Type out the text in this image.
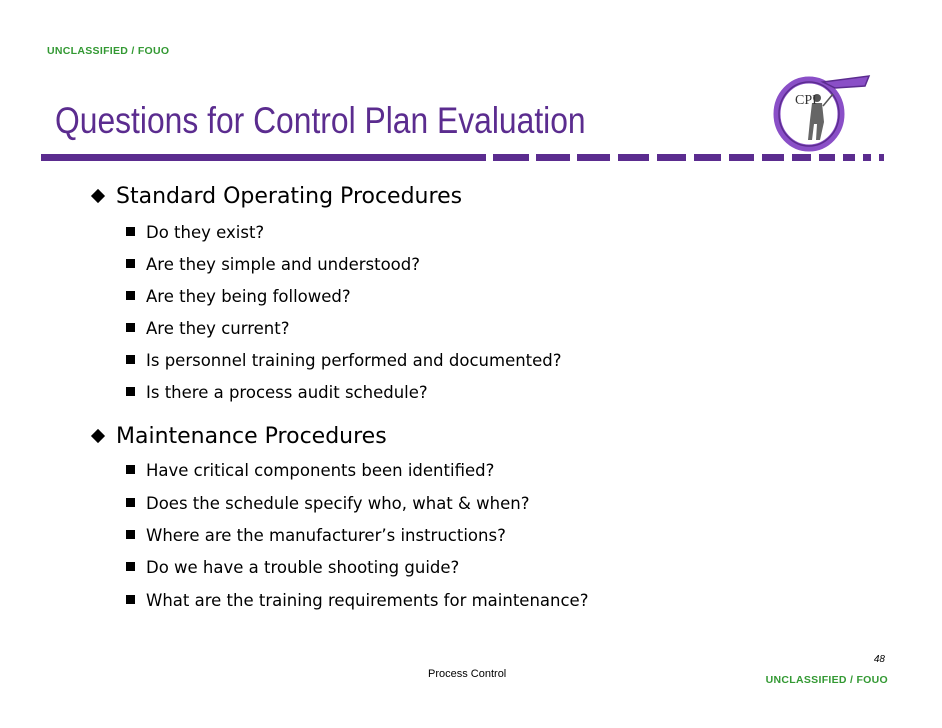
UNCLASSIFIED / FOUO
Questions for Control Plan Evaluation	CPI
Standard Operating Procedures
Do they exist?
Are they simple and understood?
Are they being followed?
Are they current?
Is personnel training performed and documented?
Is there a process audit schedule?
Maintenance Procedures
Have critical components been identified?
Does the schedule specify who, what & when?
Where are the manufacturer’s instructions?
Do we have a trouble shooting guide?
What are the training requirements for maintenance?
48
Process Control	UNCLASSIFIED / FOUO
